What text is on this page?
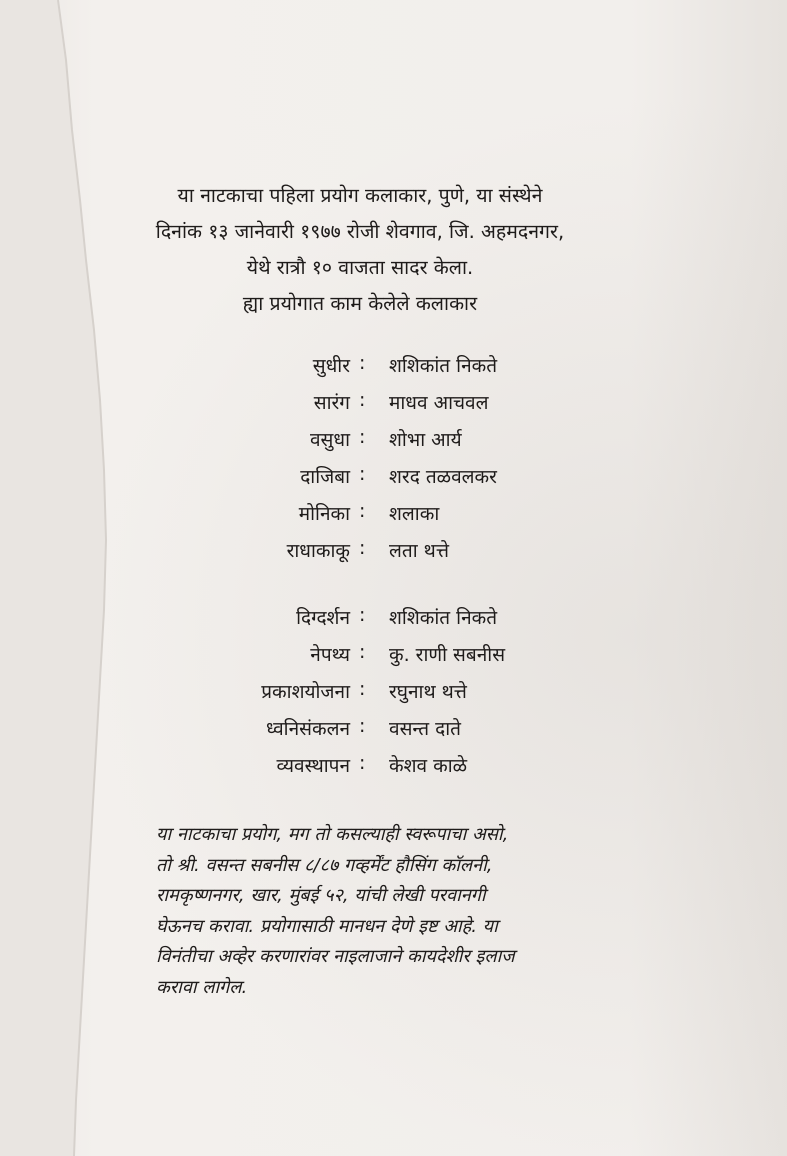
या नाटकाचा पहिला प्रयोग कलाकार, पुणे, या संस्थेने
दिनांक १३ जानेवारी १९७७ रोजी शेवगाव, जि. अहमदनगर,
येथे रात्रौ १० वाजता सादर केला.
ह्या प्रयोगात काम केलेले कलाकार
सुधीर : शशिकांत निकते
सारंग : माधव आचवल
वसुधा : शोभा आर्य
दाजिबा : शरद तळवलकर
मोनिका : शलाका
राधाकाकू : लता थत्ते
दिग्दर्शन : शशिकांत निकते
नेपथ्य : कु. राणी सबनीस
प्रकाशयोजना : रघुनाथ थत्ते
ध्वनिसंकलन : वसन्त दाते
व्यवस्थापन : केशव काळे
या नाटकाचा प्रयोग, मग तो कसल्याही स्वरूपाचा असो,
तो श्री. वसन्त सबनीस ८/८७ गव्हर्मेंट हौसिंग कॉलनी,
रामकृष्णनगर, खार, मुंबई ५२, यांची लेखी परवानगी
घेऊनच करावा. प्रयोगासाठी मानधन देणे इष्ट आहे. या
विनंतीचा अव्हेर करणारांवर नाइलाजाने कायदेशीर इलाज
करावा लागेल.
